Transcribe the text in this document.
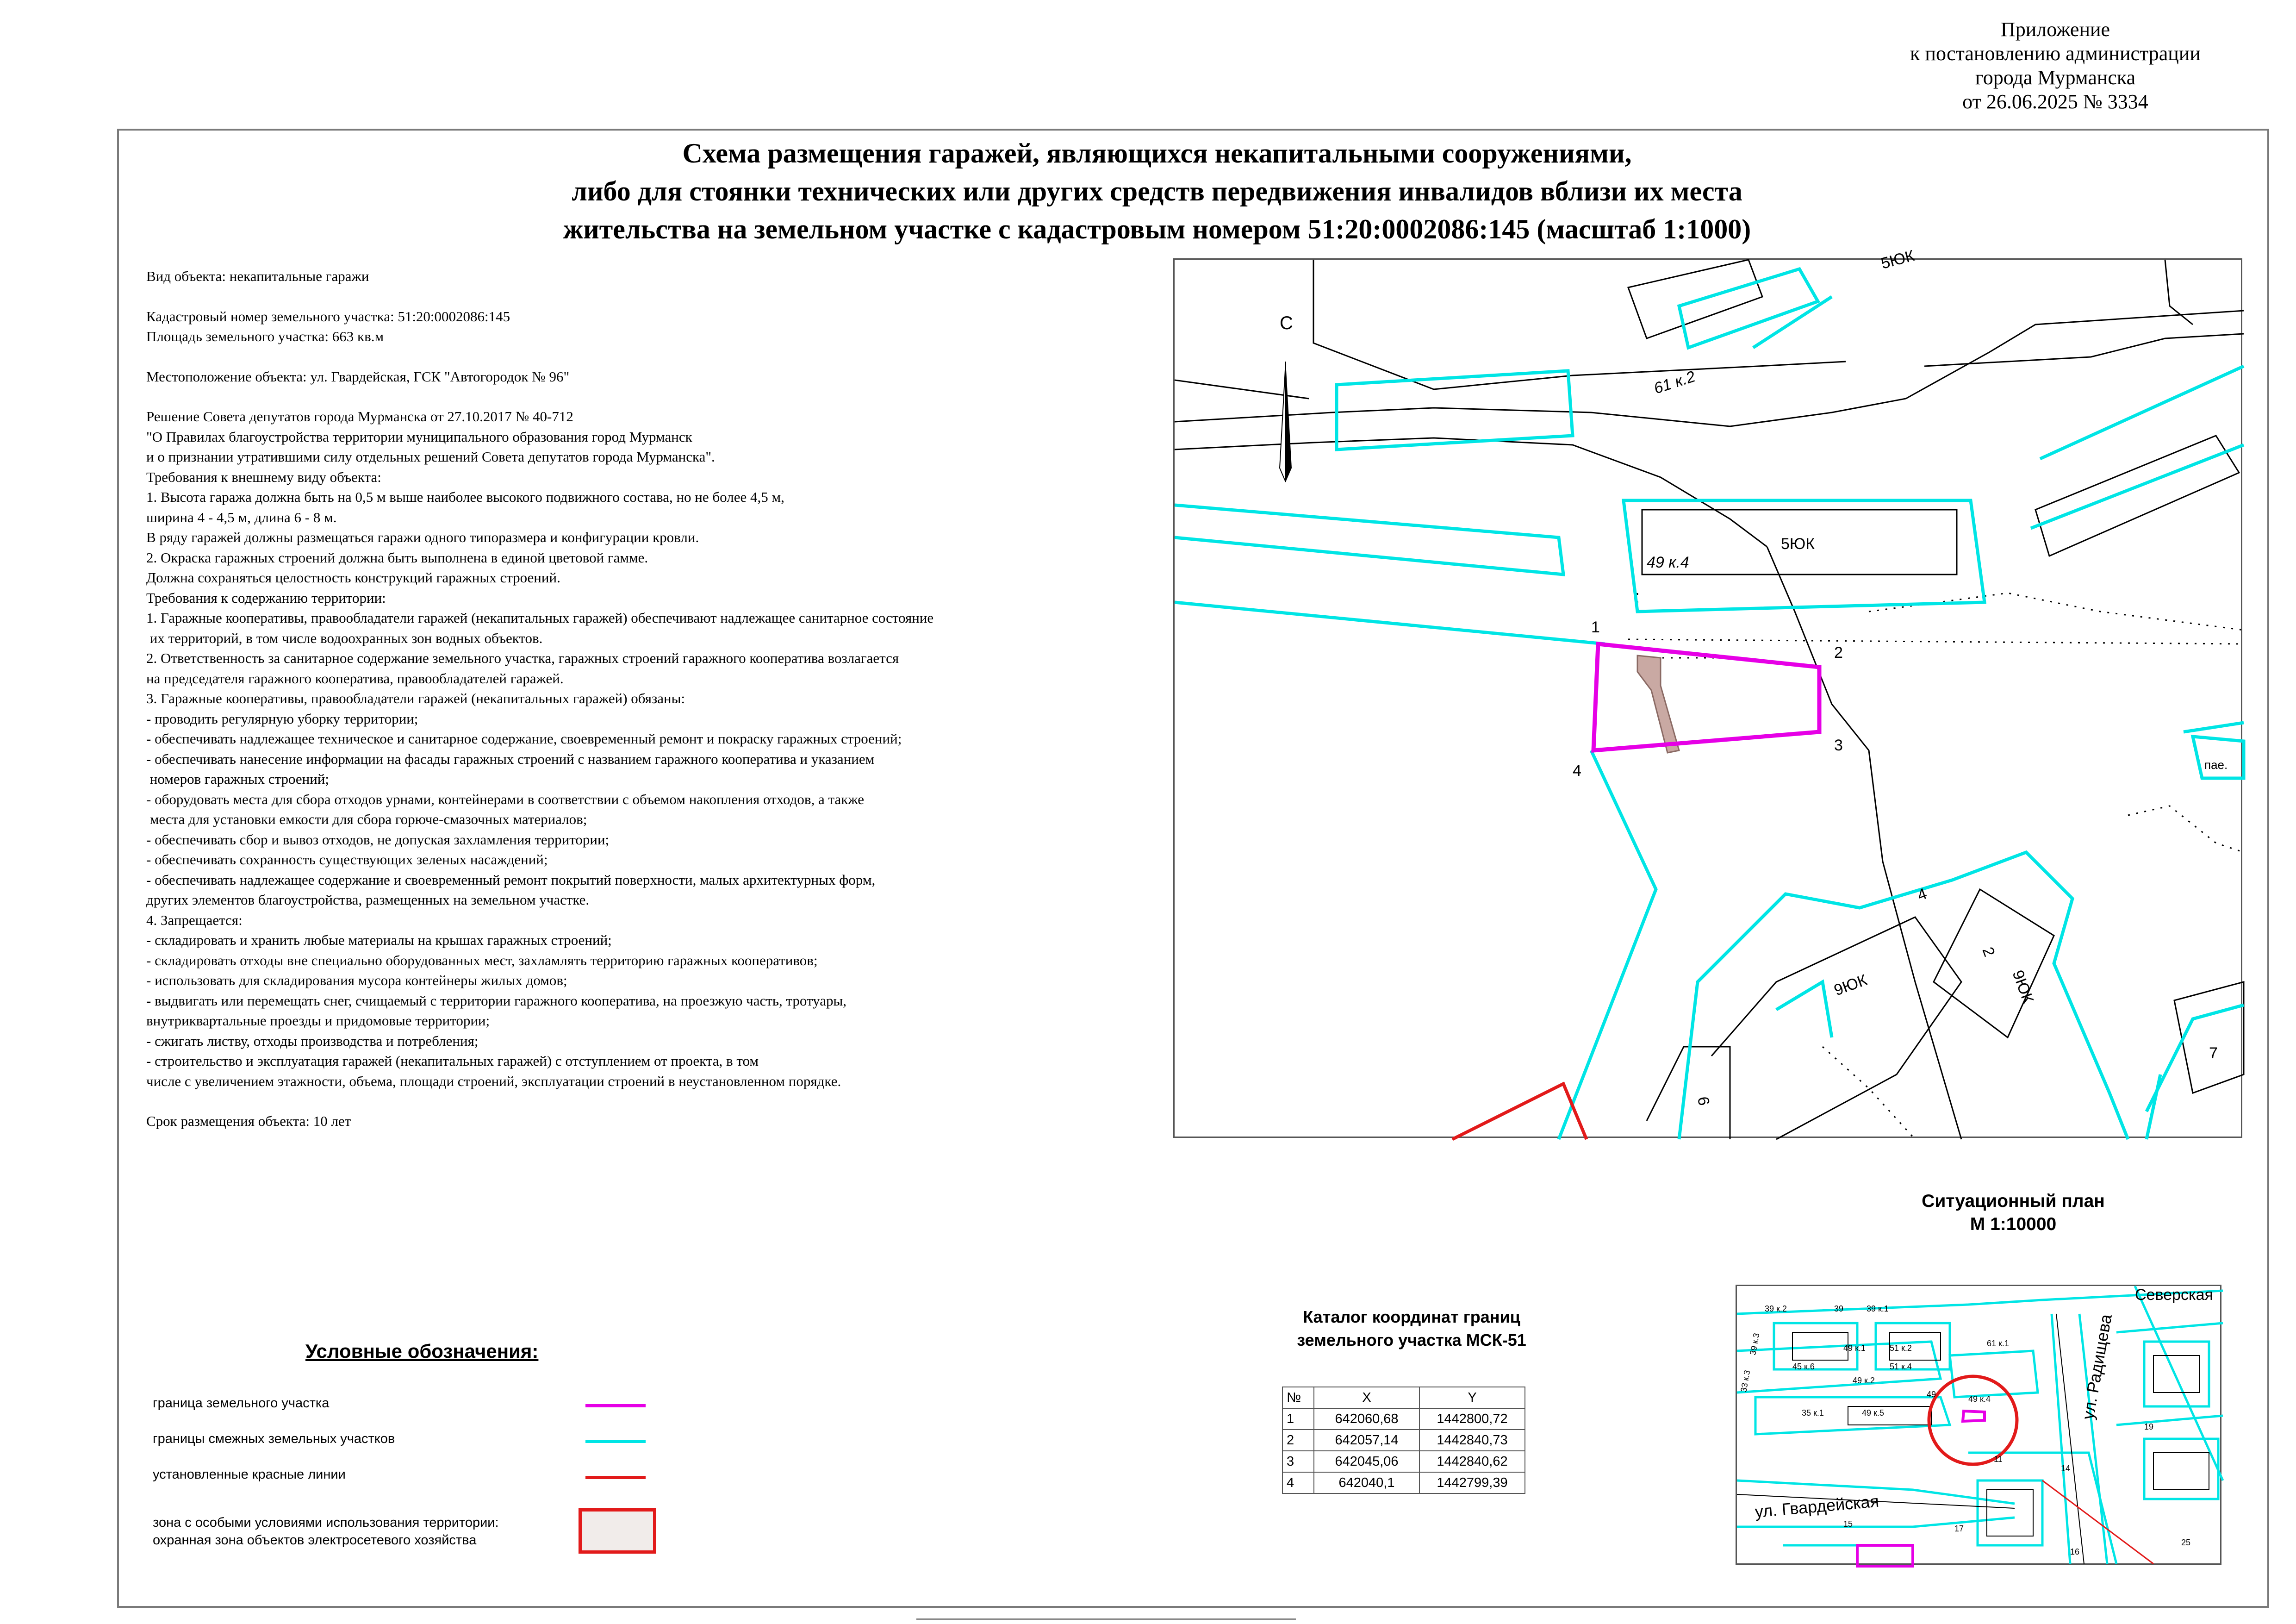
Приложение
к постановлению администрации
города Мурманска
от 26.06.2025 № 3334
Схема размещения гаражей, являющихся некапитальными сооружениями,
либо для стоянки технических или других средств передвижения инвалидов вблизи их места
жительства на земельном участке с кадастровым номером 51:20:0002086:145 (масштаб 1:1000)

Вид объекта: некапитальные гаражи

Кадастровый номер земельного участка: 51:20:0002086:145

Площадь земельного участка: 663 кв.м

Местоположение объекта: ул. Гвардейская, ГСК "Автогородок № 96"

Решение Совета депутатов города Мурманска от 27.10.2017 № 40-712

"О Правилах благоустройства территории муниципального образования город Мурманск

и о признании утратившими силу отдельных решений Совета депутатов города Мурманска".

Требования к внешнему виду объекта:

1. Высота гаража должна быть на 0,5 м выше наиболее высокого подвижного состава, но не более 4,5 м,

ширина 4 - 4,5 м, длина 6 - 8 м.

В ряду гаражей должны размещаться гаражи одного типоразмера и конфигурации кровли.

2. Окраска гаражных строений должна быть выполнена в единой цветовой гамме.

Должна сохраняться целостность конструкций гаражных строений.

Требования к содержанию территории:

1. Гаражные кооперативы, правообладатели гаражей (некапитальных гаражей) обеспечивают надлежащее санитарное состояние

их территорий, в том числе водоохранных зон водных объектов.

2. Ответственность за санитарное содержание земельного участка, гаражных строений гаражного кооператива возлагается

на председателя гаражного кооператива, правообладателей гаражей.

3. Гаражные кооперативы, правообладатели гаражей (некапитальных гаражей) обязаны:

- проводить регулярную уборку территории;

- обеспечивать надлежащее техническое и санитарное содержание, своевременный ремонт и покраску гаражных строений;

- обеспечивать нанесение информации на фасады гаражных строений с названием гаражного кооператива и указанием

номеров гаражных строений;

- оборудовать места для сбора отходов урнами, контейнерами в соответствии с объемом накопления отходов, а также

места для установки емкости для сбора горюче-смазочных материалов;

- обеспечивать сбор и вывоз отходов, не допуская захламления территории;

- обеспечивать сохранность существующих зеленых насаждений;

- обеспечивать надлежащее содержание и своевременный ремонт покрытий поверхности, малых архитектурных форм,

других элементов благоустройства, размещенных на земельном участке.

4. Запрещается:

- складировать и хранить любые материалы на крышах гаражных строений;

- складировать отходы вне специально оборудованных мест, захламлять территорию гаражных кооперативов;

- использовать для складирования мусора контейнеры жилых домов;

- выдвигать или перемещать снег, счищаемый с территории гаражного кооператива, на проезжую часть, тротуары,

внутриквартальные проезды и придомовые территории;

- сжигать листву, отходы производства и потребления;

- строительство и эксплуатация гаражей (некапитальных гаражей) с отступлением от проекта, в том

числе с увеличением этажности, объема, площади строений, эксплуатации строений в неустановленном порядке.

Срок размещения объекта: 10 лет

С
1
2
3
4
5ЮК
61 к.2
5ЮК
49 к.4
9ЮК	9ЮК
2
4
6
7
пае.
Ситуационный план
М 1:10000
ул. Радищева
ул. Гвардейская
Северская
39 к.2	39 к.1
39
39 к.3
33 к.3
49 к.1	61 к.1
49 к.2
49
49 к.5
49 к.4
51 к.2
51 к.4
45 к.6
35 к.1
11
14
17
15
16
25
19
Каталог координат границ
земельного участка МСК-51
№	X	Y
1	642060,68	1442800,72
2	642057,14	1442840,73
3	642045,06	1442840,62
4	642040,1	1442799,39
Условные обозначения:
граница земельного участка
границы смежных земельных участков
установленные красные линии
зона с особыми условиями использования территории:
охранная зона объектов электросетевого хозяйства
